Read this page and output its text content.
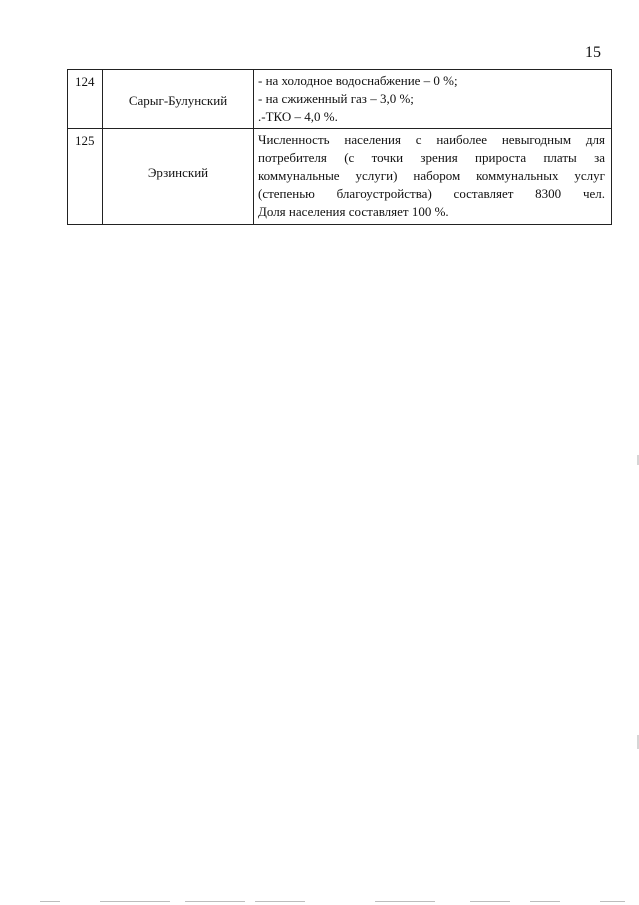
15
124	Сарыг-Булунский	- на холодное водоснабжение – 0 %;
- на сжиженный газ – 3,0 %;
.-ТКО – 4,0 %.

125	Эрзинский	Численность населения с наиболее невыгодным для
потребителя (с точки зрения прироста платы за
коммунальные услуги) набором коммунальных услуг
(степенью благоустройства) составляет 8300 чел.
Доля населения составляет 100 %.
